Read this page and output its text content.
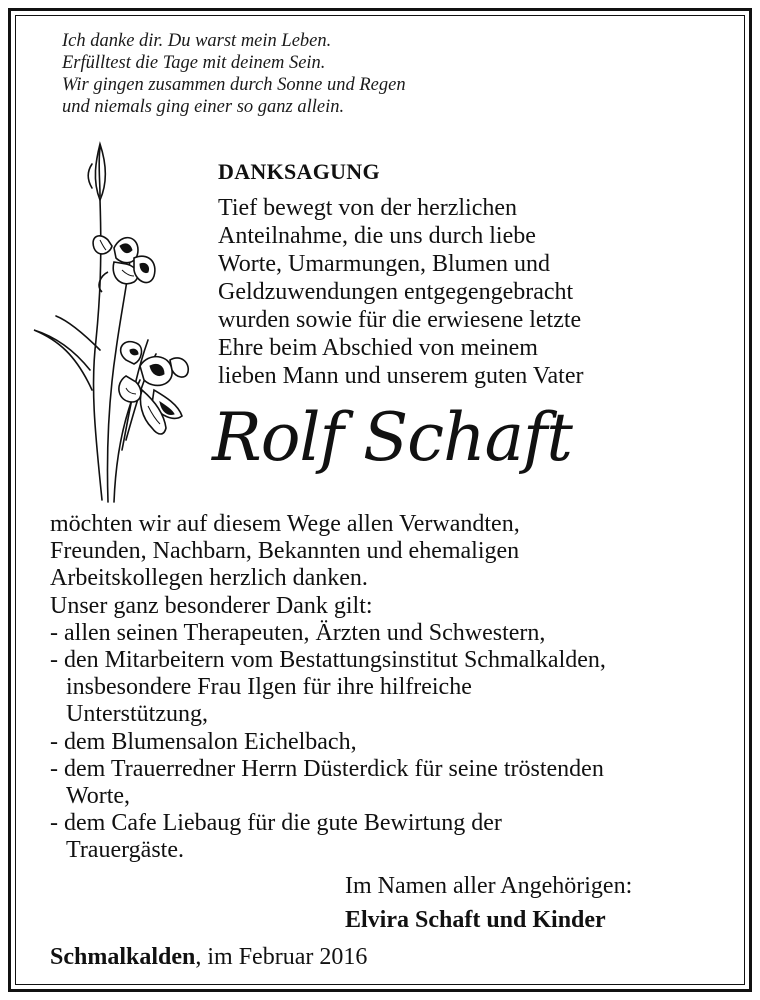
Ich danke dir. Du warst mein Leben.
Erfülltest die Tage mit deinem Sein.
Wir gingen zusammen durch Sonne und Regen
und niemals ging einer so ganz allein.
DANKSAGUNG
Tief bewegt von der herzlichen
Anteilnahme, die uns durch liebe
Worte, Umarmungen, Blumen und
Geldzuwendungen entgegengebracht
wurden sowie für die erwiesene letzte
Ehre beim Abschied von meinem
lieben Mann und unserem guten Vater
Rolf Schaft
möchten wir auf diesem Wege allen Verwandten,
Freunden, Nachbarn, Bekannten und ehemaligen
Arbeitskollegen herzlich danken.
Unser ganz besonderer Dank gilt:
- allen seinen Therapeuten, Ärzten und Schwestern,
- den Mitarbeitern vom Bestattungsinstitut Schmalkalden,
insbesondere Frau Ilgen für ihre hilfreiche
Unterstützung,
- dem Blumensalon Eichelbach,
- dem Trauerredner Herrn Düsterdick für seine tröstenden
Worte,
- dem Cafe Liebaug für die gute Bewirtung der
Trauergäste.
Im Namen aller Angehörigen:
Elvira Schaft und Kinder
Schmalkalden, im Februar 2016
